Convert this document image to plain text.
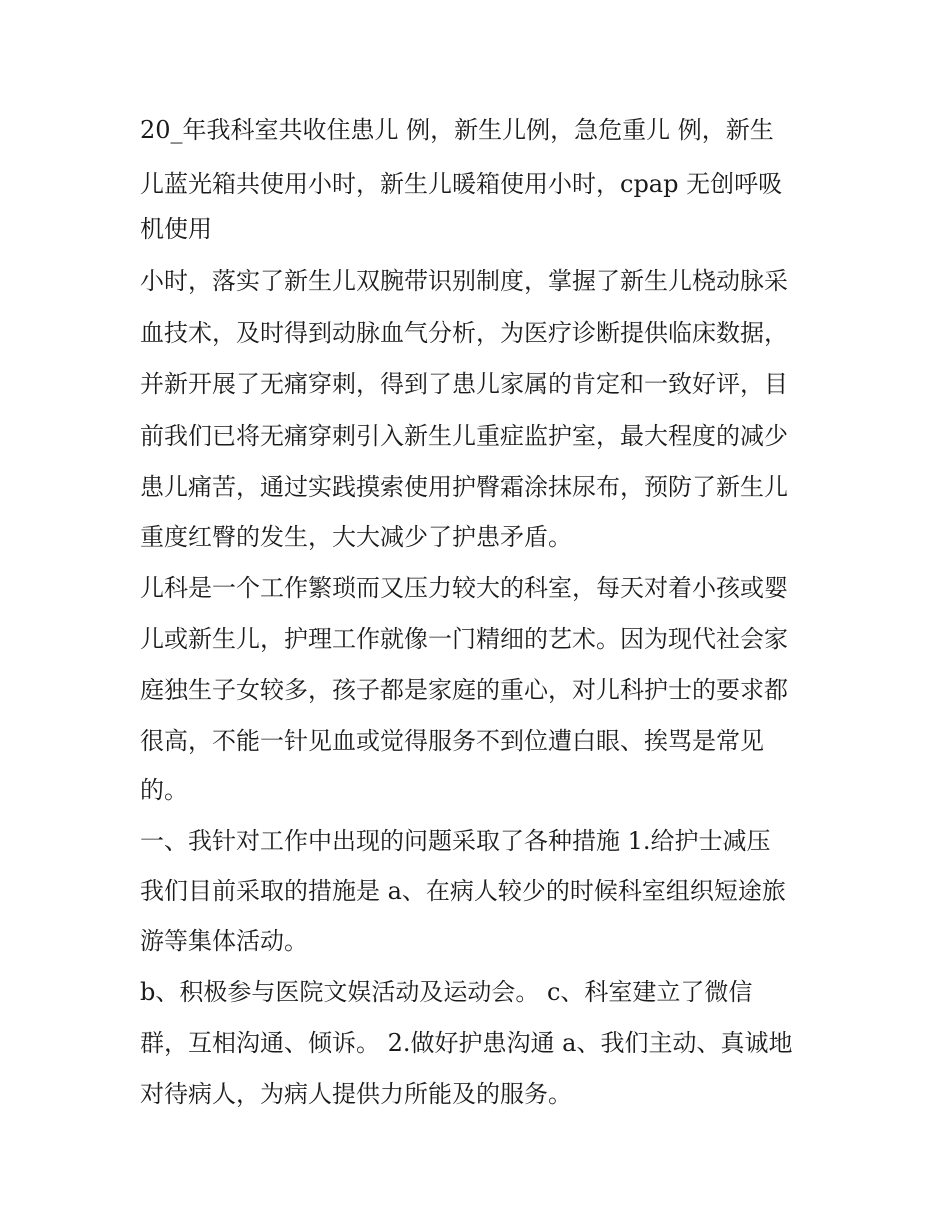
20_年我科室共收住患儿 例，新生儿例，急危重儿 例，新生
儿蓝光箱共使用小时，新生儿暖箱使用小时，cpap 无创呼吸
机使用
小时，落实了新生儿双腕带识别制度，掌握了新生儿桡动脉采
血技术，及时得到动脉血气分析，为医疗诊断提供临床数据，
并新开展了无痛穿刺，得到了患儿家属的肯定和一致好评，目
前我们已将无痛穿刺引入新生儿重症监护室，最大程度的减少
患儿痛苦，通过实践摸索使用护臀霜涂抹尿布，预防了新生儿
重度红臀的发生，大大减少了护患矛盾。
儿科是一个工作繁琐而又压力较大的科室，每天对着小孩或婴
儿或新生儿，护理工作就像一门精细的艺术。因为现代社会家
庭独生子女较多，孩子都是家庭的重心，对儿科护士的要求都
很高，不能一针见血或觉得服务不到位遭白眼、挨骂是常见
的。
一、我针对工作中出现的问题采取了各种措施 1.给护士减压
我们目前采取的措施是 a、在病人较少的时候科室组织短途旅
游等集体活动。
b、积极参与医院文娱活动及运动会。 c、科室建立了微信
群，互相沟通、倾诉。 2.做好护患沟通 a、我们主动、真诚地
对待病人，为病人提供力所能及的服务。
